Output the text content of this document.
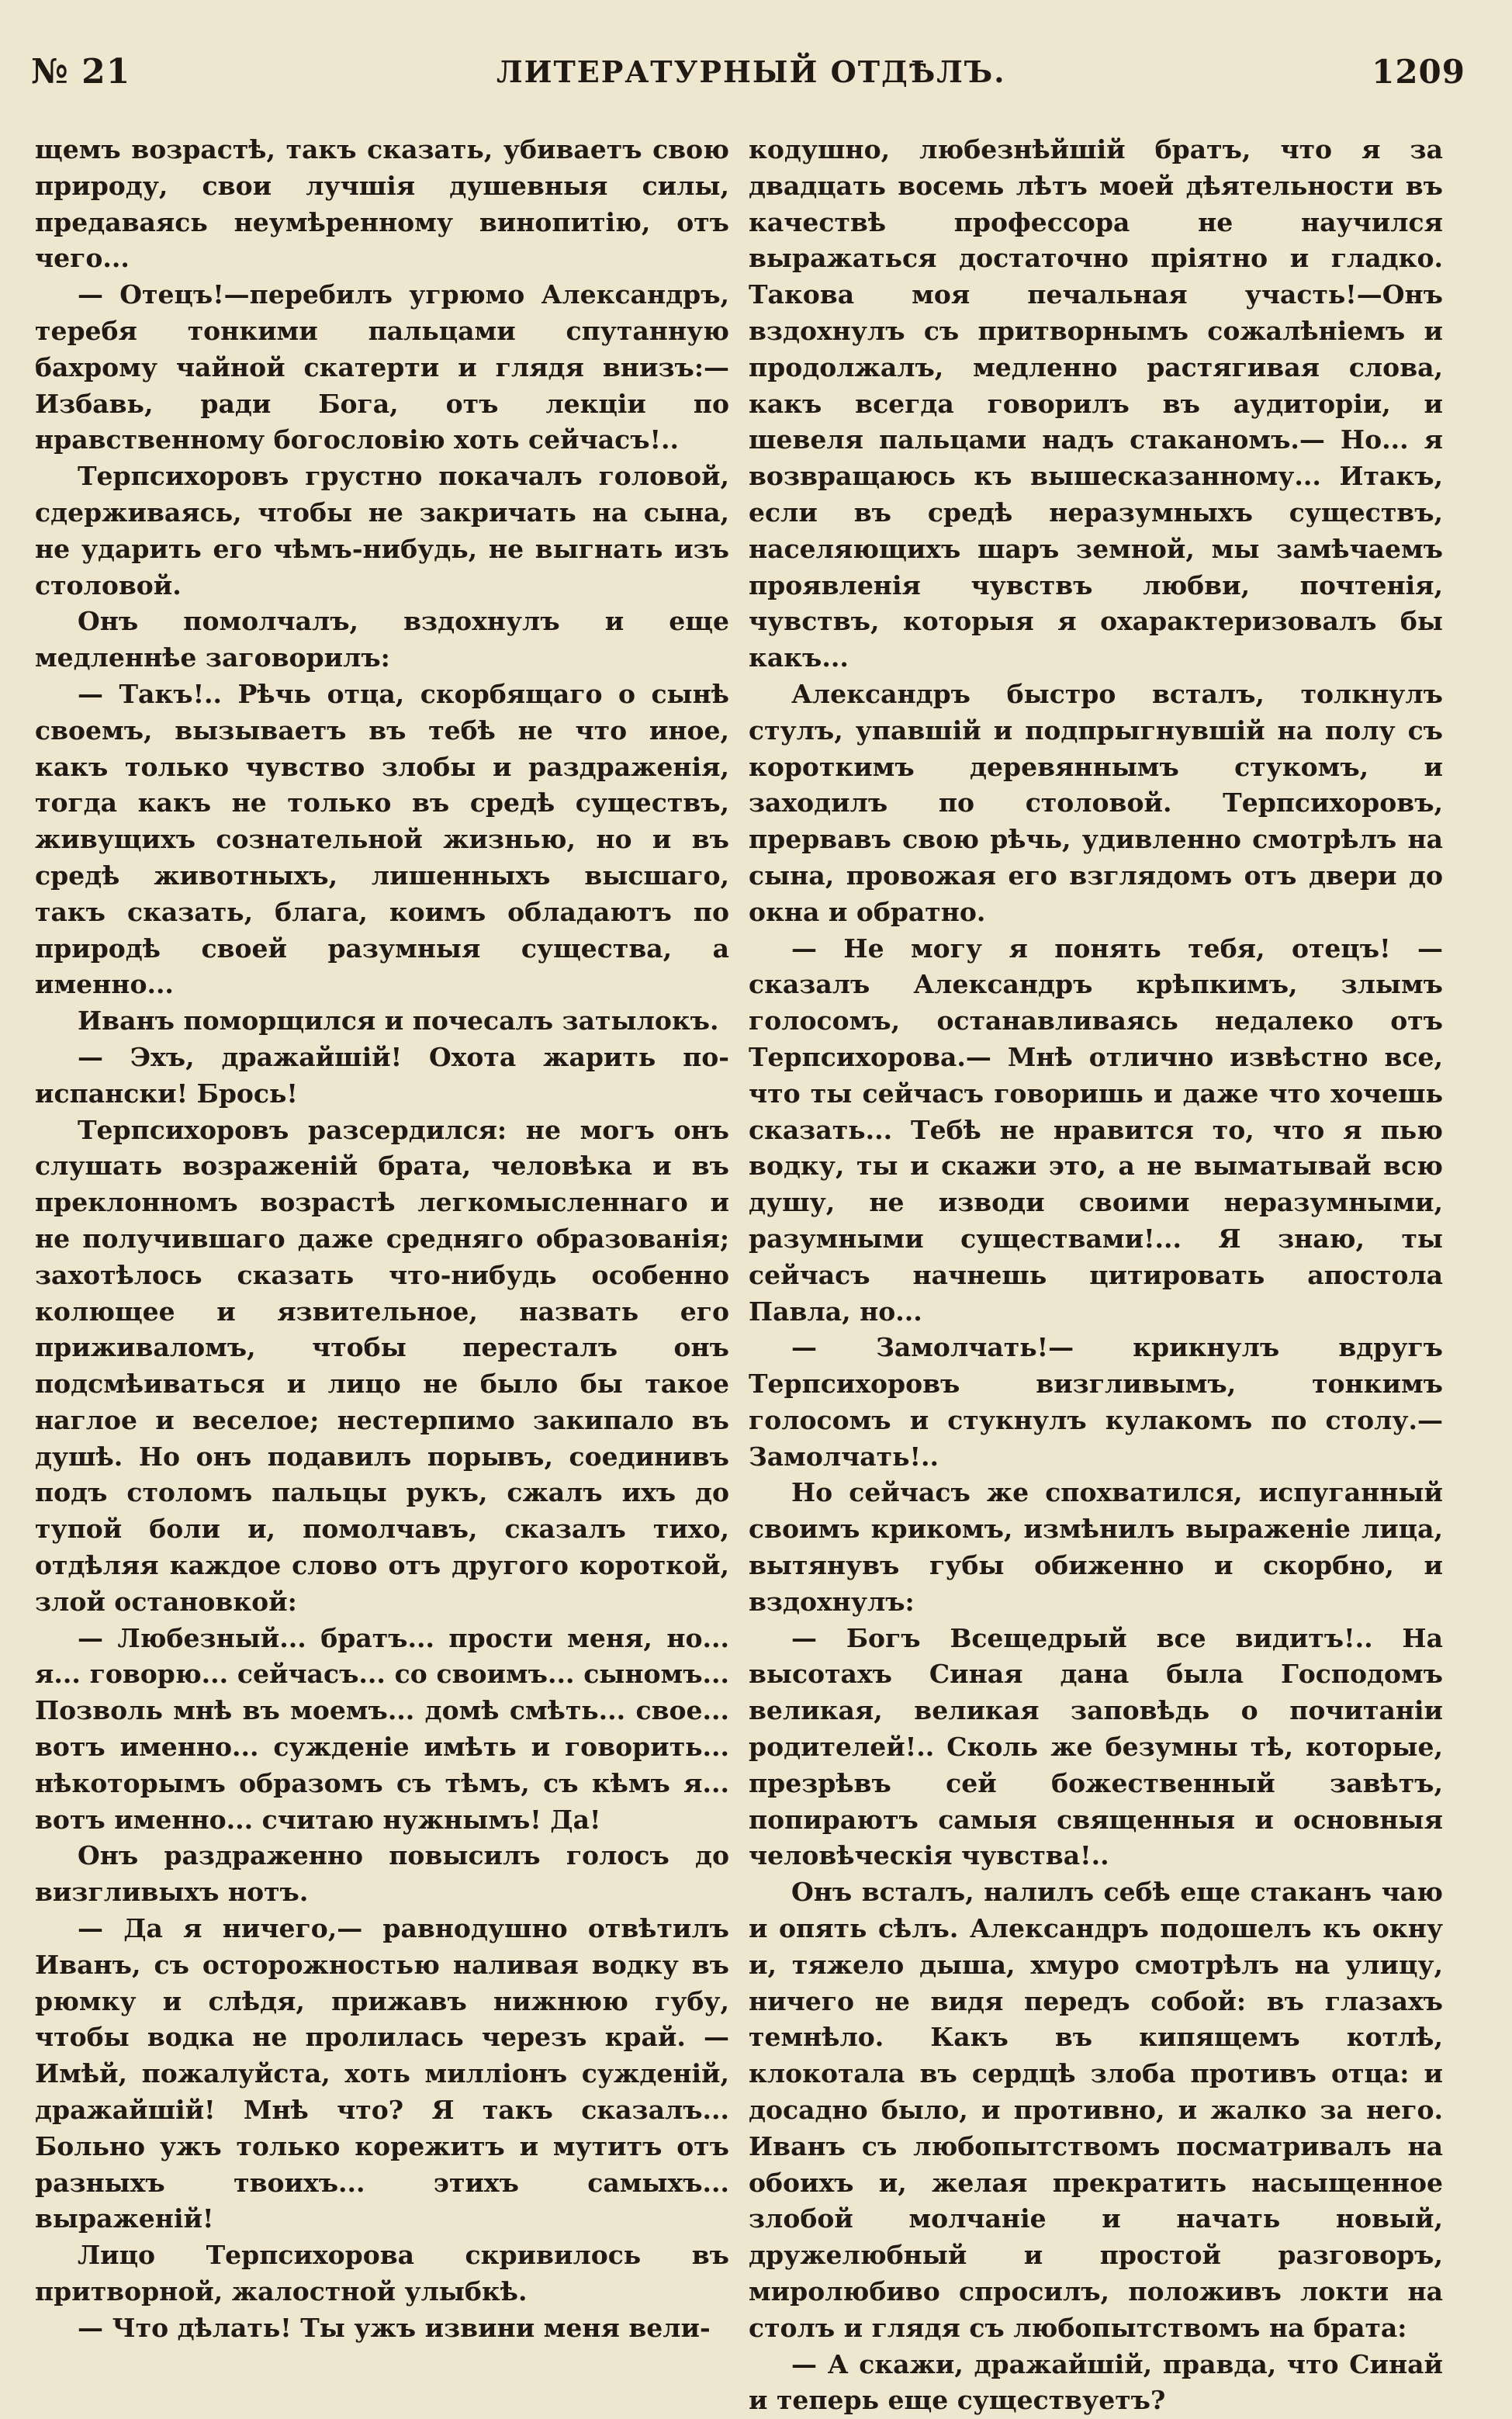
№ 21	ЛИТЕРАТУРНЫЙ ОТДѢЛЪ.	1209

щемъ возрастѣ, такъ сказать, убиваетъ свою природу, свои лучшія душевныя силы, предаваясь неумѣренному винопитію, отъ чего...

— Отецъ!—перебилъ угрюмо Александръ, теребя тонкими пальцами спутанную бахрому чайной скатерти и глядя внизъ:— Избавь, ради Бога, отъ лекціи по нравственному богословію хоть сейчасъ!..

Терпсихоровъ грустно покачалъ головой, сдерживаясь, чтобы не закричать на сына, не ударить его чѣмъ-нибудь, не выгнать изъ столовой.

Онъ помолчалъ, вздохнулъ и еще медленнѣе заговорилъ:

— Такъ!.. Рѣчь отца, скорбящаго о сынѣ своемъ, вызываетъ въ тебѣ не что иное, какъ только чувство злобы и раздраженія, тогда какъ не только въ средѣ существъ, живущихъ сознательной жизнью, но и въ средѣ животныхъ, лишенныхъ высшаго, такъ сказать, блага, коимъ обладаютъ по природѣ своей разумныя существа, а именно...

Иванъ поморщился и почесалъ затылокъ.

— Эхъ, дражайшій! Охота жарить по-испански! Брось!

Терпсихоровъ разсердился: не могъ онъ слушать возраженій брата, человѣка и въ преклонномъ возрастѣ легкомысленнаго и не получившаго даже средняго образованія; захотѣлось сказать что-нибудь особенно колющее и язвительное, назвать его приживаломъ, чтобы пересталъ онъ подсмѣиваться и лицо не было бы такое наглое и веселое; нестерпимо закипало въ душѣ. Но онъ подавилъ порывъ, соединивъ подъ столомъ пальцы рукъ, сжалъ ихъ до тупой боли и, помолчавъ, сказалъ тихо, отдѣляя каждое слово отъ другого короткой, злой остановкой:

— Любезный... братъ... прости меня, но... я... говорю... сейчасъ... со своимъ... сыномъ... Позволь мнѣ въ моемъ... домѣ смѣть... свое... вотъ именно... сужденіе имѣть и говорить... нѣкоторымъ образомъ съ тѣмъ, съ кѣмъ я... вотъ именно... считаю нужнымъ! Да!

Онъ раздраженно повысилъ голосъ до визгливыхъ нотъ.

— Да я ничего,— равнодушно отвѣтилъ Иванъ, съ осторожностью наливая водку въ рюмку и слѣдя, прижавъ нижнюю губу, чтобы водка не пролилась черезъ край. — Имѣй, пожалуйста, хоть милліонъ сужденій, дражайшій! Мнѣ что? Я такъ сказалъ... Больно ужъ только корежитъ и мутитъ отъ разныхъ твоихъ... этихъ самыхъ... выраженій!

Лицо Терпсихорова скривилось въ притворной, жалостной улыбкѣ.

— Что дѣлать! Ты ужъ извини меня вели-

кодушно, любезнѣйшій братъ, что я за двадцать восемь лѣтъ моей дѣятельности въ качествѣ профессора не научился выражаться достаточно пріятно и гладко. Такова моя печальная участь!—Онъ вздохнулъ съ притворнымъ сожалѣніемъ и продолжалъ, медленно растягивая слова, какъ всегда говорилъ въ аудиторіи, и шевеля пальцами надъ стаканомъ.— Но... я возвращаюсь къ вышесказанному... Итакъ, если въ средѣ неразумныхъ существъ, населяющихъ шаръ земной, мы замѣчаемъ проявленія чувствъ любви, почтенія, чувствъ, которыя я охарактеризовалъ бы какъ...

Александръ быстро всталъ, толкнулъ стулъ, упавшій и подпрыгнувшій на полу съ короткимъ деревяннымъ стукомъ, и заходилъ по столовой. Терпсихоровъ, прервавъ свою рѣчь, удивленно смотрѣлъ на сына, провожая его взглядомъ отъ двери до окна и обратно.

— Не могу я понять тебя, отецъ! — сказалъ Александръ крѣпкимъ, злымъ голосомъ, останавливаясь недалеко отъ Терпсихорова.— Мнѣ отлично извѣстно все, что ты сейчасъ говоришь и даже что хочешь сказать... Тебѣ не нравится то, что я пью водку, ты и скажи это, а не выматывай всю душу, не изводи своими неразумными, разумными существами!... Я знаю, ты сейчасъ начнешь цитировать апостола Павла, но...

— Замолчать!— крикнулъ вдругъ Терпсихоровъ визгливымъ, тонкимъ голосомъ и стукнулъ кулакомъ по столу.—Замолчать!..

Но сейчасъ же спохватился, испуганный своимъ крикомъ, измѣнилъ выраженіе лица, вытянувъ губы обиженно и скорбно, и вздохнулъ:

— Богъ Всещедрый все видитъ!.. На высотахъ Синая дана была Господомъ великая, великая заповѣдь о почитаніи родителей!.. Сколь же безумны тѣ, которые, презрѣвъ сей божественный завѣтъ, попираютъ самыя священныя и основныя человѣческія чувства!..

Онъ всталъ, налилъ себѣ еще стаканъ чаю и опять сѣлъ. Александръ подошелъ къ окну и, тяжело дыша, хмуро смотрѣлъ на улицу, ничего не видя передъ собой: въ глазахъ темнѣло. Какъ въ кипящемъ котлѣ, клокотала въ сердцѣ злоба противъ отца: и досадно было, и противно, и жалко за него. Иванъ съ любопытствомъ посматривалъ на обоихъ и, желая прекратить насыщенное злобой молчаніе и начать новый, дружелюбный и простой разговоръ, миролюбиво спросилъ, положивъ локти на столъ и глядя съ любопытствомъ на брата:

— А скажи, дражайшій, правда, что Синай и теперь еще существуетъ?
